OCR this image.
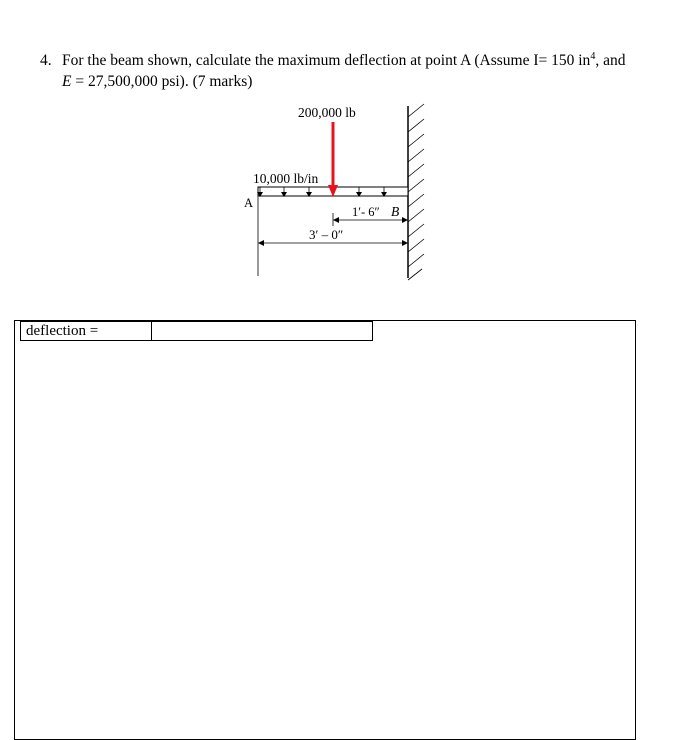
4. For the beam shown, calculate the maximum deflection at point A (Assume I= 150 $in^4$, and
E = 27,500,000 psi). (7 marks)
200,000 lb
10,000 lb/in
A
1′- 6″ B
3′ – 0″
deflection =
